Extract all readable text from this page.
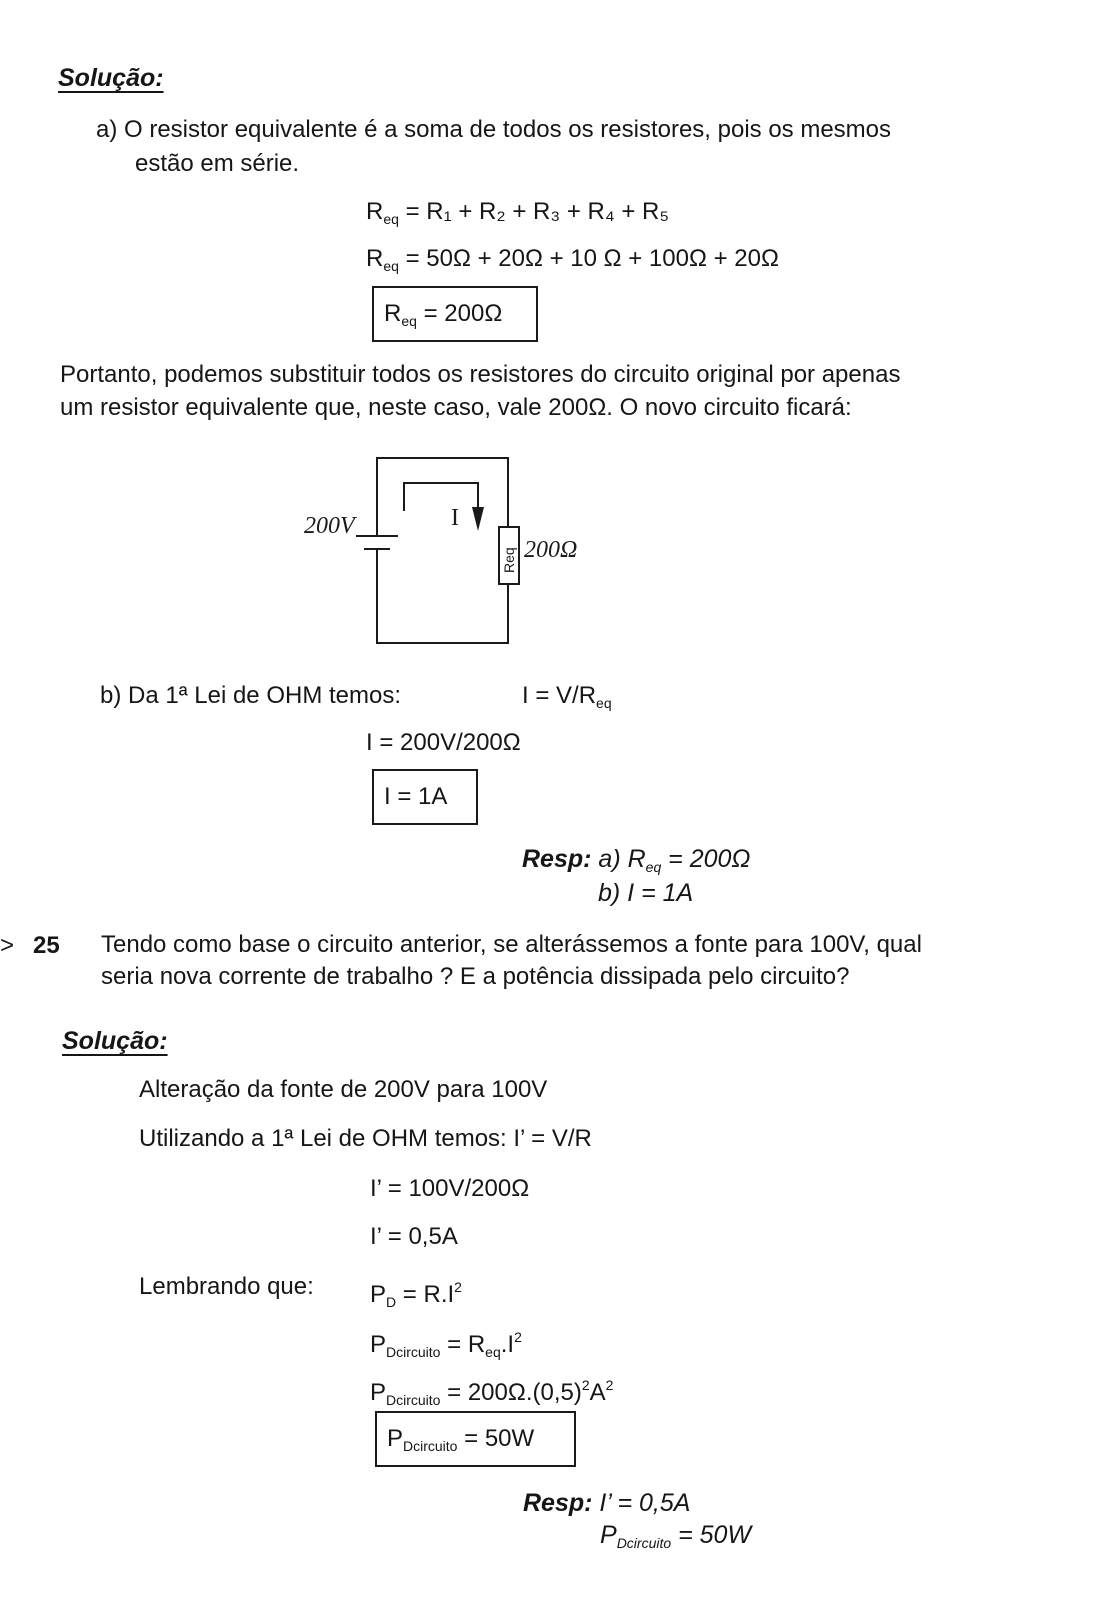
Solução:
a) O resistor equivalente é a soma de todos os resistores, pois os mesmos
estão em série.
$R_{eq} = R_1 + R_2 + R_3 + R_4 + R_5$
$R_{eq} = 50\Omega + 20\Omega + 10$ Ω + 100Ω + 20Ω
$R_{eq} = 200\Omega$
Portanto, podemos substituir todos os resistores do circuito original por apenas
um resistor equivalente que, neste caso, vale 200Ω. O novo circuito ficará:
200V	I
Req 200Ω
b) Da 1ª Lei de OHM temos:	$I = V/R_{eq}$
I = 200V/200Ω
I = 1A
Resp: a) $R_{eq} = 200\Omega$
b) I = 1A
> 25 Tendo como base o circuito anterior, se alterássemos a fonte para 100V, qual
seria nova corrente de trabalho ? E a potência dissipada pelo circuito?
Solução:
Alteração da fonte de 200V para 100V
Utilizando a 1ª Lei de OHM temos: I’ = V/R
I’ = 100V/200Ω
I’ = 0,5A
Lembrando que: $P_D = R.I^2$
$P_{Dcircuito} = R_{eq}.I^2$
$P_{Dcircuito} = 200\Omega.(0,5)^2A^2$
$P_{Dcircuito} = 50W$
Resp: I’ = 0,5A
$P_{Dcircuito} = 50W$
